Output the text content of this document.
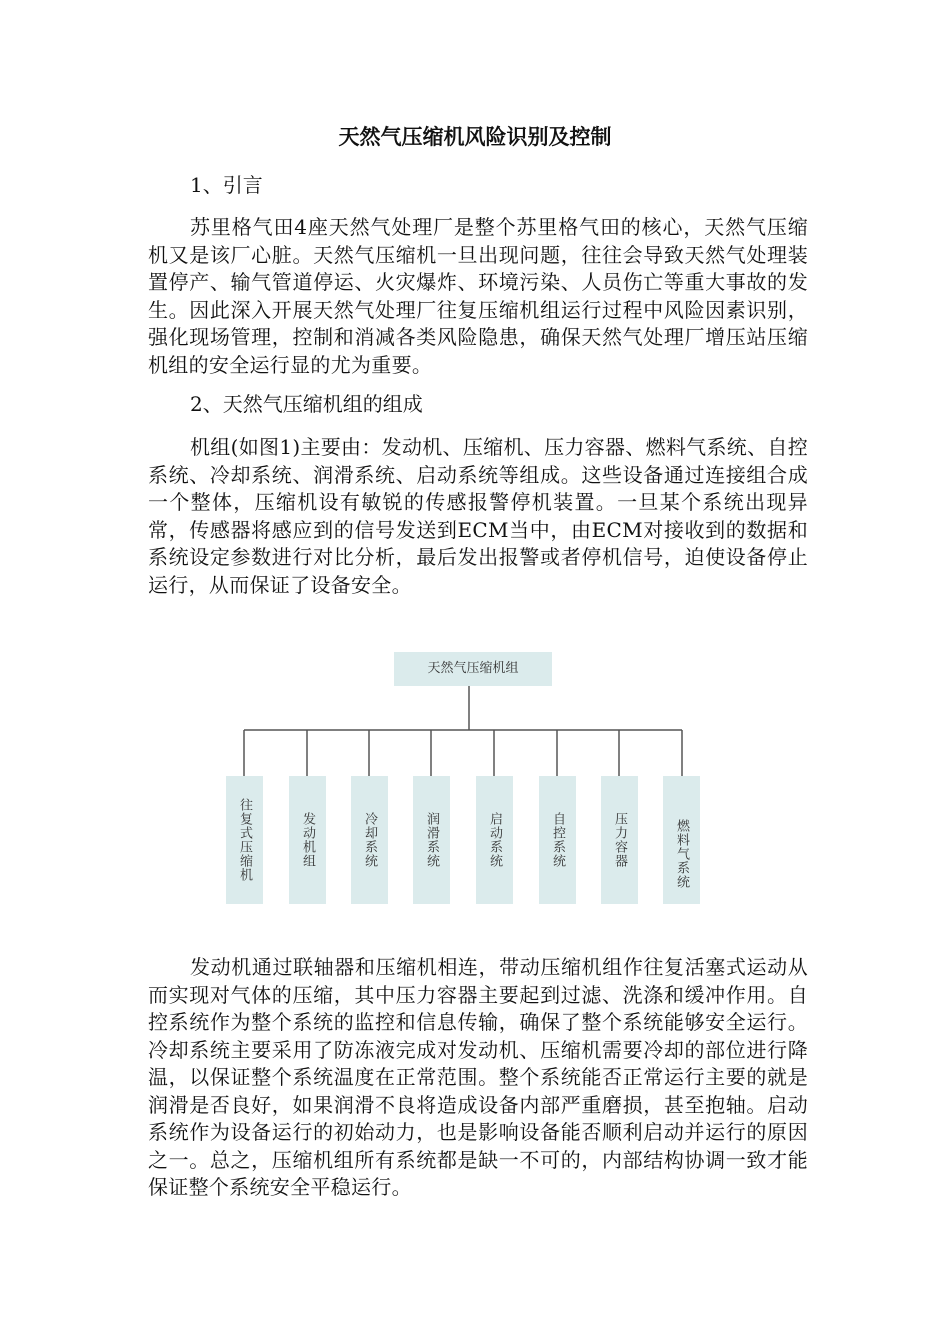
天然气压缩机风险识别及控制
1、引言
苏里格气田4座天然气处理厂是整个苏里格气田的核心，天然气压缩机又是该厂心脏。天然气压缩机一旦出现问题，往往会导致天然气处理装置停产、输气管道停运、火灾爆炸、环境污染、人员伤亡等重大事故的发生。因此深入开展天然气处理厂往复压缩机组运行过程中风险因素识别，强化现场管理，控制和消减各类风险隐患，确保天然气处理厂增压站压缩机组的安全运行显的尤为重要。
2、天然气压缩机组的组成
机组(如图1)主要由：发动机、压缩机、压力容器、燃料气系统、自控系统、冷却系统、润滑系统、启动系统等组成。这些设备通过连接组合成一个整体，压缩机设有敏锐的传感报警停机装置。一旦某个系统出现异常，传感器将感应到的信号发送到ECM当中，由ECM对接收到的数据和系统设定参数进行对比分析，最后发出报警或者停机信号，迫使设备停止运行，从而保证了设备安全。
天然气压缩机组
往复式压缩机	发动机组	冷却系统	润滑系统	启动系统	自控系统	压力容器	燃料气系统
发动机通过联轴器和压缩机相连，带动压缩机组作往复活塞式运动从而实现对气体的压缩，其中压力容器主要起到过滤、洗涤和缓冲作用。自控系统作为整个系统的监控和信息传输，确保了整个系统能够安全运行。冷却系统主要采用了防冻液完成对发动机、压缩机需要冷却的部位进行降温，以保证整个系统温度在正常范围。整个系统能否正常运行主要的就是润滑是否良好，如果润滑不良将造成设备内部严重磨损，甚至抱轴。启动系统作为设备运行的初始动力，也是影响设备能否顺利启动并运行的原因之一。总之，压缩机组所有系统都是缺一不可的，内部结构协调一致才能保证整个系统安全平稳运行。
